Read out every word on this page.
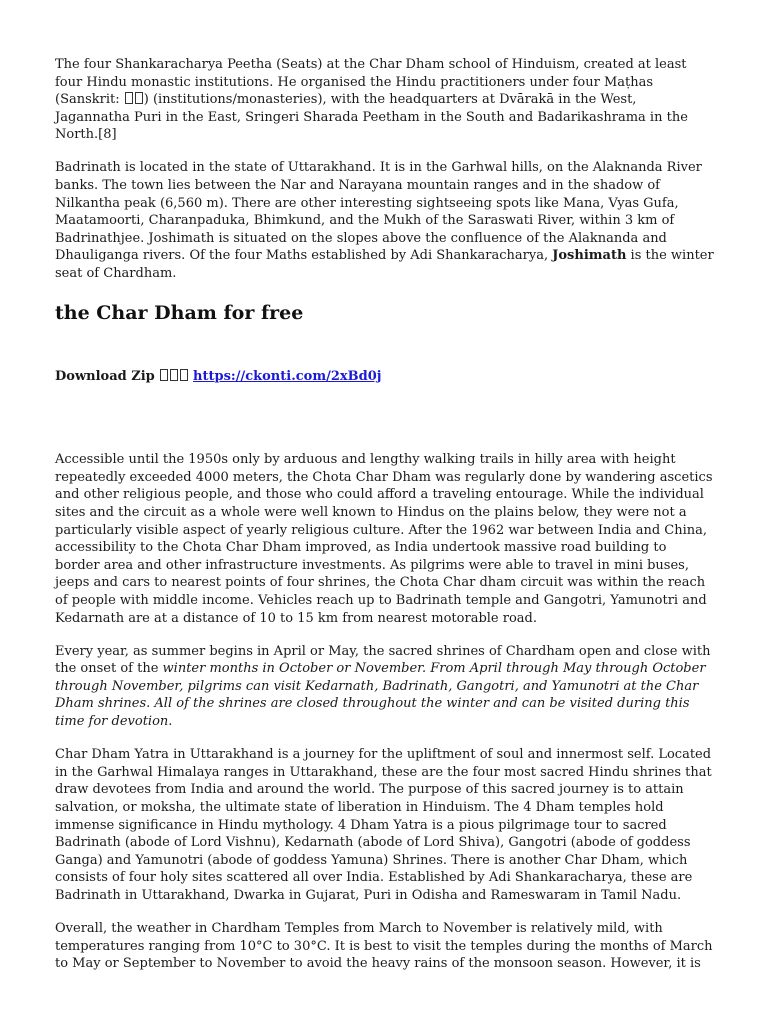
The four Shankaracharya Peetha (Seats) at the Char Dham school of Hinduism, created at least four Hindu monastic institutions. He organised the Hindu practitioners under four Maṭhas (Sanskrit: ) (institutions/monasteries), with the headquarters at Dvārakā in the West, Jagannatha Puri in the East, Sringeri Sharada Peetham in the South and Badarikashrama in the North.[8]

Badrinath is located in the state of Uttarakhand. It is in the Garhwal hills, on the Alaknanda River banks. The town lies between the Nar and Narayana mountain ranges and in the shadow of Nilkantha peak (6,560 m). There are other interesting sightseeing spots like Mana, Vyas Gufa, Maatamoorti, Charanpaduka, Bhimkund, and the Mukh of the Saraswati River, within 3 km of Badrinathjee. Joshimath is situated on the slopes above the confluence of the Alaknanda and Dhauliganga rivers. Of the four Maths established by Adi Shankaracharya, Joshimath is the winter seat of Chardham.

the Char Dham for free

Download Zip	https://ckonti.com/2xBd0j

Accessible until the 1950s only by arduous and lengthy walking trails in hilly area with height repeatedly exceeded 4000 meters, the Chota Char Dham was regularly done by wandering ascetics and other religious people, and those who could afford a traveling entourage. While the individual sites and the circuit as a whole were well known to Hindus on the plains below, they were not a particularly visible aspect of yearly religious culture. After the 1962 war between India and China, accessibility to the Chota Char Dham improved, as India undertook massive road building to border area and other infrastructure investments. As pilgrims were able to travel in mini buses, jeeps and cars to nearest points of four shrines, the Chota Char dham circuit was within the reach of people with middle income. Vehicles reach up to Badrinath temple and Gangotri, Yamunotri and Kedarnath are at a distance of 10 to 15 km from nearest motorable road.

Every year, as summer begins in April or May, the sacred shrines of Chardham open and close with the onset of the winter months in October or November. From April through May through October through November, pilgrims can visit Kedarnath, Badrinath, Gangotri, and Yamunotri at the Char Dham shrines. All of the shrines are closed throughout the winter and can be visited during this time for devotion.

Char Dham Yatra in Uttarakhand is a journey for the upliftment of soul and innermost self. Located in the Garhwal Himalaya ranges in Uttarakhand, these are the four most sacred Hindu shrines that draw devotees from India and around the world. The purpose of this sacred journey is to attain salvation, or moksha, the ultimate state of liberation in Hinduism. The 4 Dham temples hold immense significance in Hindu mythology. 4 Dham Yatra is a pious pilgrimage tour to sacred Badrinath (abode of Lord Vishnu), Kedarnath (abode of Lord Shiva), Gangotri (abode of goddess Ganga) and Yamunotri (abode of goddess Yamuna) Shrines. There is another Char Dham, which consists of four holy sites scattered all over India. Established by Adi Shankaracharya, these are Badrinath in Uttarakhand, Dwarka in Gujarat, Puri in Odisha and Rameswaram in Tamil Nadu.

Overall, the weather in Chardham Temples from March to November is relatively mild, with temperatures ranging from 10°C to 30°C. It is best to visit the temples during the months of March to May or September to November to avoid the heavy rains of the monsoon season. However, it is
